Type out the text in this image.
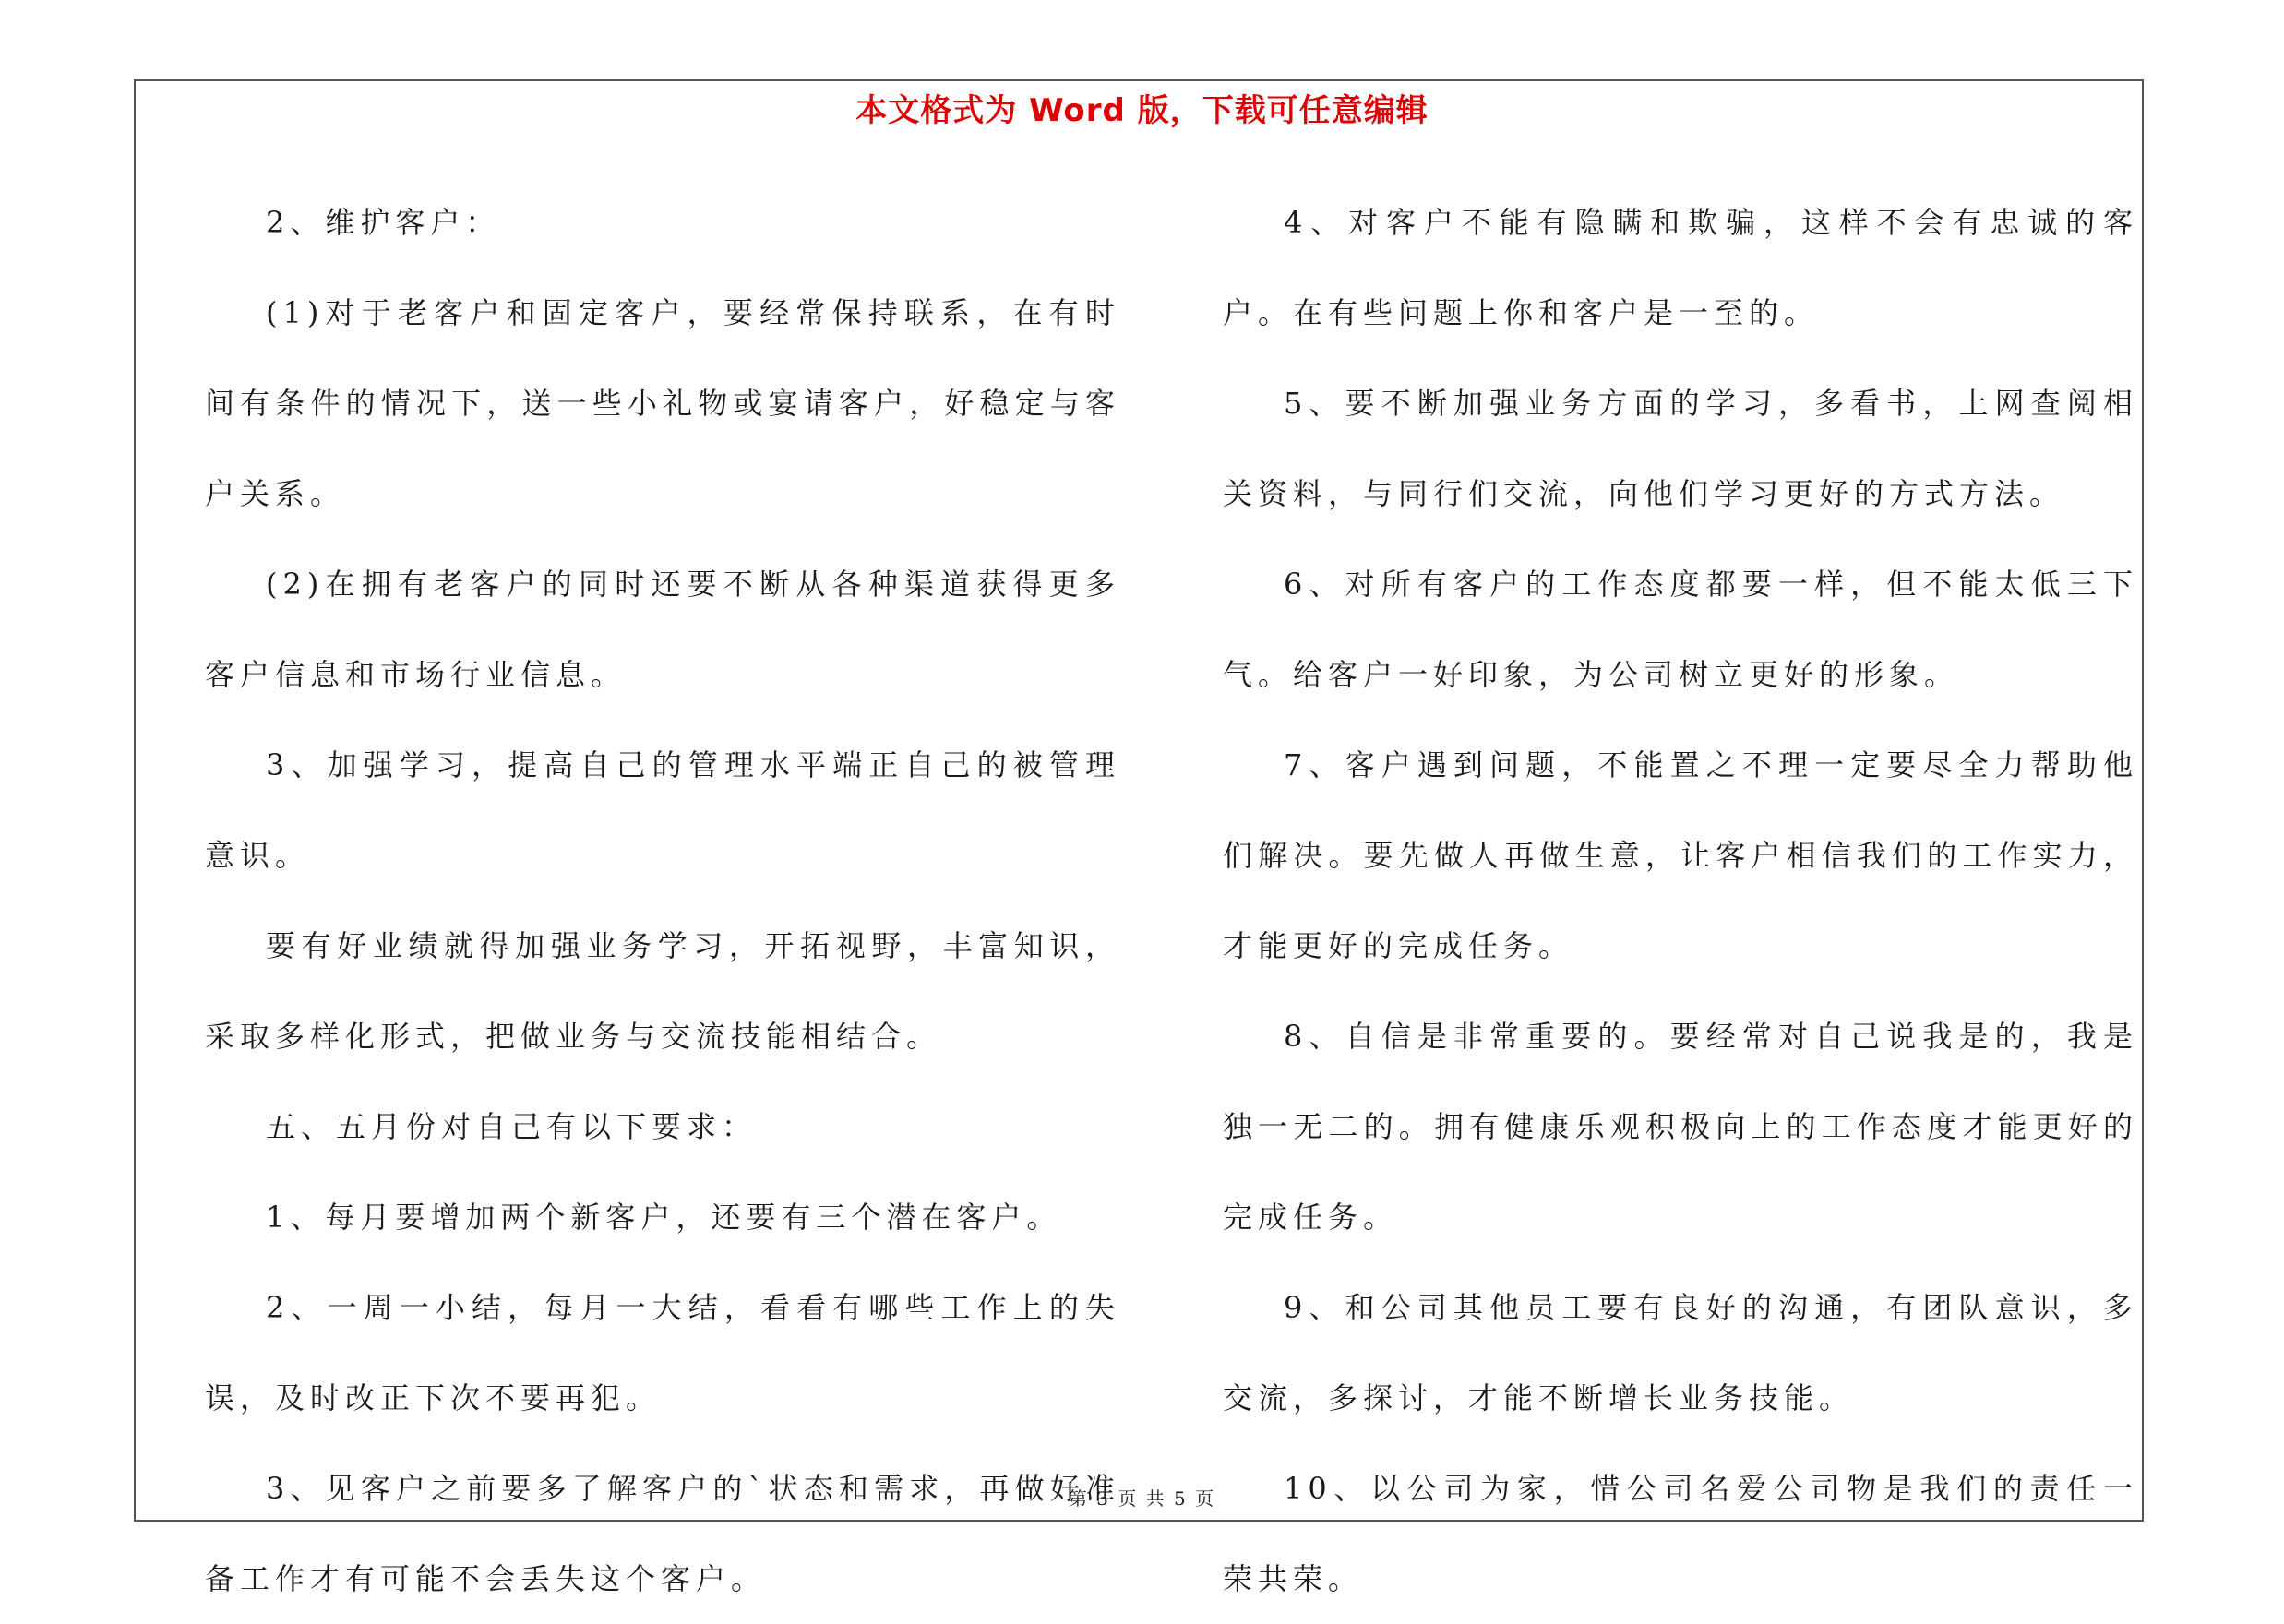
本文格式为 Word 版，下载可任意编辑

2、维护客户：

(1)对于老客户和固定客户，要经常保持联系，在有时间有条件的情况下，送一些小礼物或宴请客户，好稳定与客户关系。

(2)在拥有老客户的同时还要不断从各种渠道获得更多客户信息和市场行业信息。

3、加强学习，提高自己的管理水平端正自己的被管理意识。

要有好业绩就得加强业务学习，开拓视野，丰富知识，采取多样化形式，把做业务与交流技能相结合。

五、五月份对自己有以下要求：

1、每月要增加两个新客户，还要有三个潜在客户。

2、一周一小结，每月一大结，看看有哪些工作上的失误，及时改正下次不要再犯。

3、见客户之前要多了解客户的`状态和需求，再做好准备工作才有可能不会丢失这个客户。

4、对客户不能有隐瞒和欺骗，这样不会有忠诚的客户。在有些问题上你和客户是一至的。

5、要不断加强业务方面的学习，多看书，上网查阅相关资料，与同行们交流，向他们学习更好的方式方法。

6、对所有客户的工作态度都要一样，但不能太低三下气。给客户一好印象，为公司树立更好的形象。

7、客户遇到问题，不能置之不理一定要尽全力帮助他们解决。要先做人再做生意，让客户相信我们的工作实力，才能更好的完成任务。

8、自信是非常重要的。要经常对自己说我是的，我是独一无二的。拥有健康乐观积极向上的工作态度才能更好的完成任务。

9、和公司其他员工要有良好的沟通，有团队意识，多交流，多探讨，才能不断增长业务技能。

10、以公司为家，惜公司名爱公司物是我们的责任一荣共荣。

第 3 页 共 5 页
